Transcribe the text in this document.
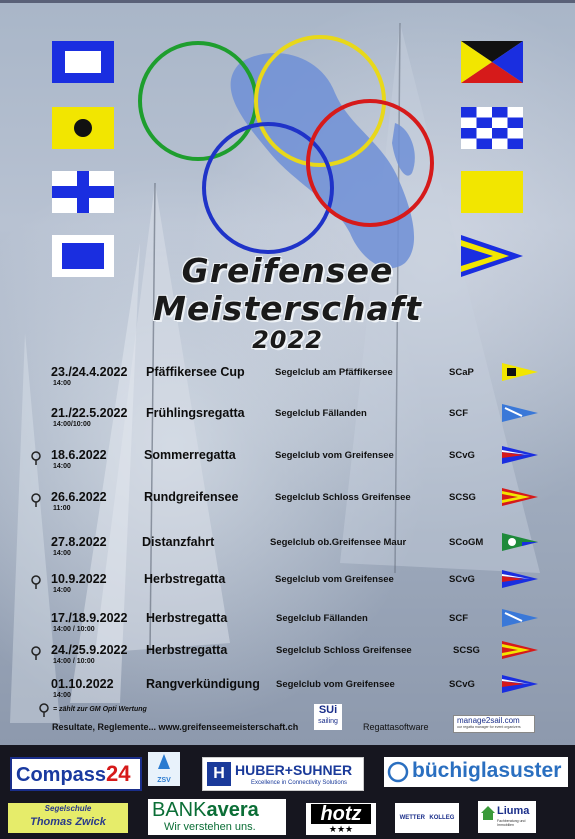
Greifensee
Meisterschaft
2022
23./24.4.2022
14:00
Pfäffikersee Cup	Segelclub am Pfäffikersee	SCaP
21./22.5.2022
14:00/10:00
Frühlingsregatta	Segelclub Fällanden	SCF
18.6.2022
14:00
Sommerregatta	Segelclub vom Greifensee	SCvG
26.6.2022
11:00
Rundgreifensee	Segelclub Schloss Greifensee	SCSG
27.8.2022
14:00
Distanzfahrt	Segelclub ob.Greifensee Maur	SCoGM
10.9.2022
14:00
Herbstregatta	Segelclub vom Greifensee	SCvG
17./18.9.2022
14:00 / 10:00
Herbstregatta	Segelclub Fällanden	SCF
24./25.9.2022
14:00 / 10:00
Herbstregatta	Segelclub Schloss Greifensee	SCSG
01.10.2022
14:00
Rangverkündigung Segelclub vom Greifensee	SCvG
= zählt zur GM Opti Wertung
Resultate, Reglemente... www.greifenseemeisterschaft.ch
SUi
sailing
Regattasoftware
manage2sail.com
our regatta manager for event organizers
Compass24	ZSV	H HUBER+SUHNER
Excellence in Connectivity Solutions
büchiglasuster
Segelschule
Thomas Zwick
BANKavera
Wir verstehen uns.
hotz
★★★
WETTER KOLLEG
Liuma
Fachberatung und Immobilien
